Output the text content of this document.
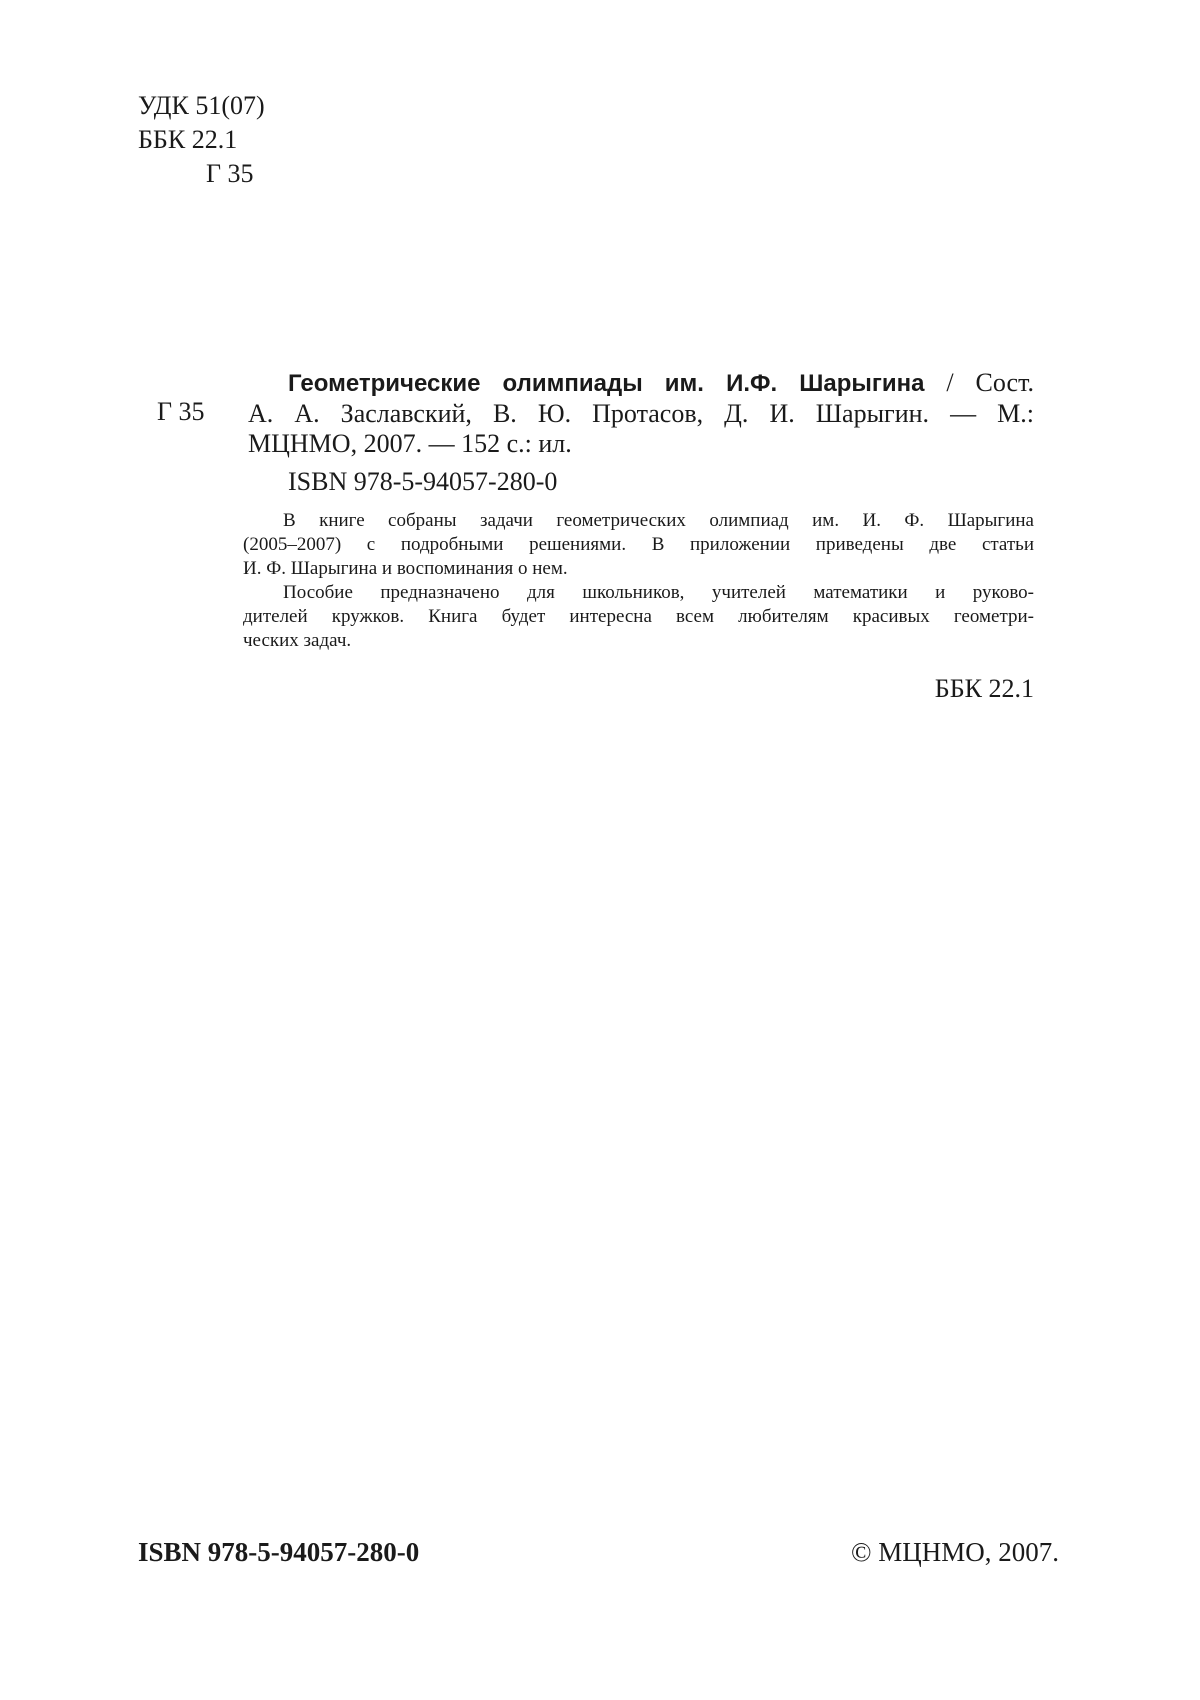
УДК 51(07)
ББК 22.1
Г 35
Г 35
Геометрические олимпиады им. И.Ф. Шарыгина / Сост.
А. А. Заславский, В. Ю. Протасов, Д. И. Шарыгин. — М.:
МЦНМО, 2007. — 152 с.: ил.
ISBN 978-5-94057-280-0
В книге собраны задачи геометрических олимпиад им. И. Ф. Шарыгина
(2005–2007) с подробными решениями. В приложении приведены две статьи
И. Ф. Шарыгина и воспоминания о нем.
Пособие предназначено для школьников, учителей математики и руково-
дителей кружков. Книга будет интересна всем любителям красивых геометри-
ческих задач.
ББК 22.1
ISBN 978-5-94057-280-0	© МЦНМО, 2007.
